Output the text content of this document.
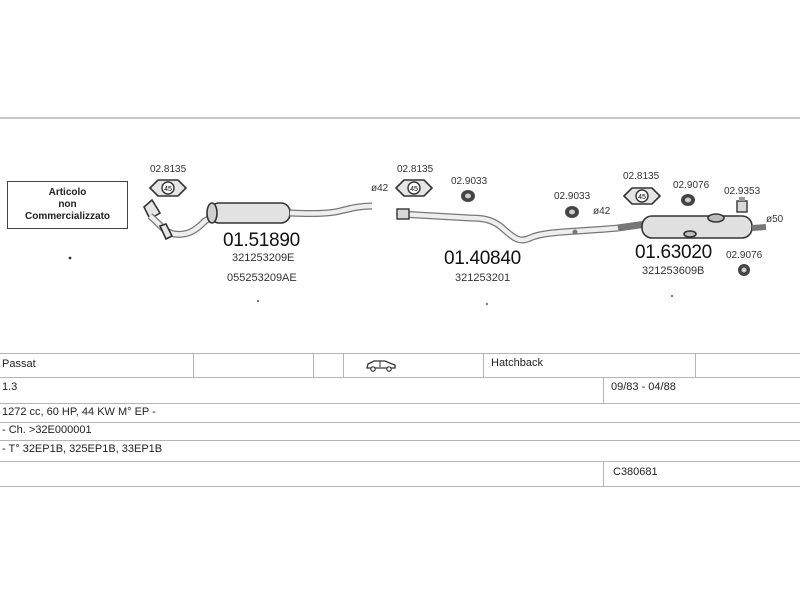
Articolo
non
Commercializzato
45	45
45
02.8135
01.51890
321253209E
055253209AE
ø42
02.8135
02.9033
01.40840
321253201
02.9033
ø42
02.8135
02.9076
02.9353
ø50
01.63020
321253609B
02.9076
Passat	Hatchback
1.3	09/83 - 04/88
1272 cc, 60 HP, 44 KW M° EP -
- Ch. >32E000001
- T° 32EP1B, 325EP1B, 33EP1B
C380681
